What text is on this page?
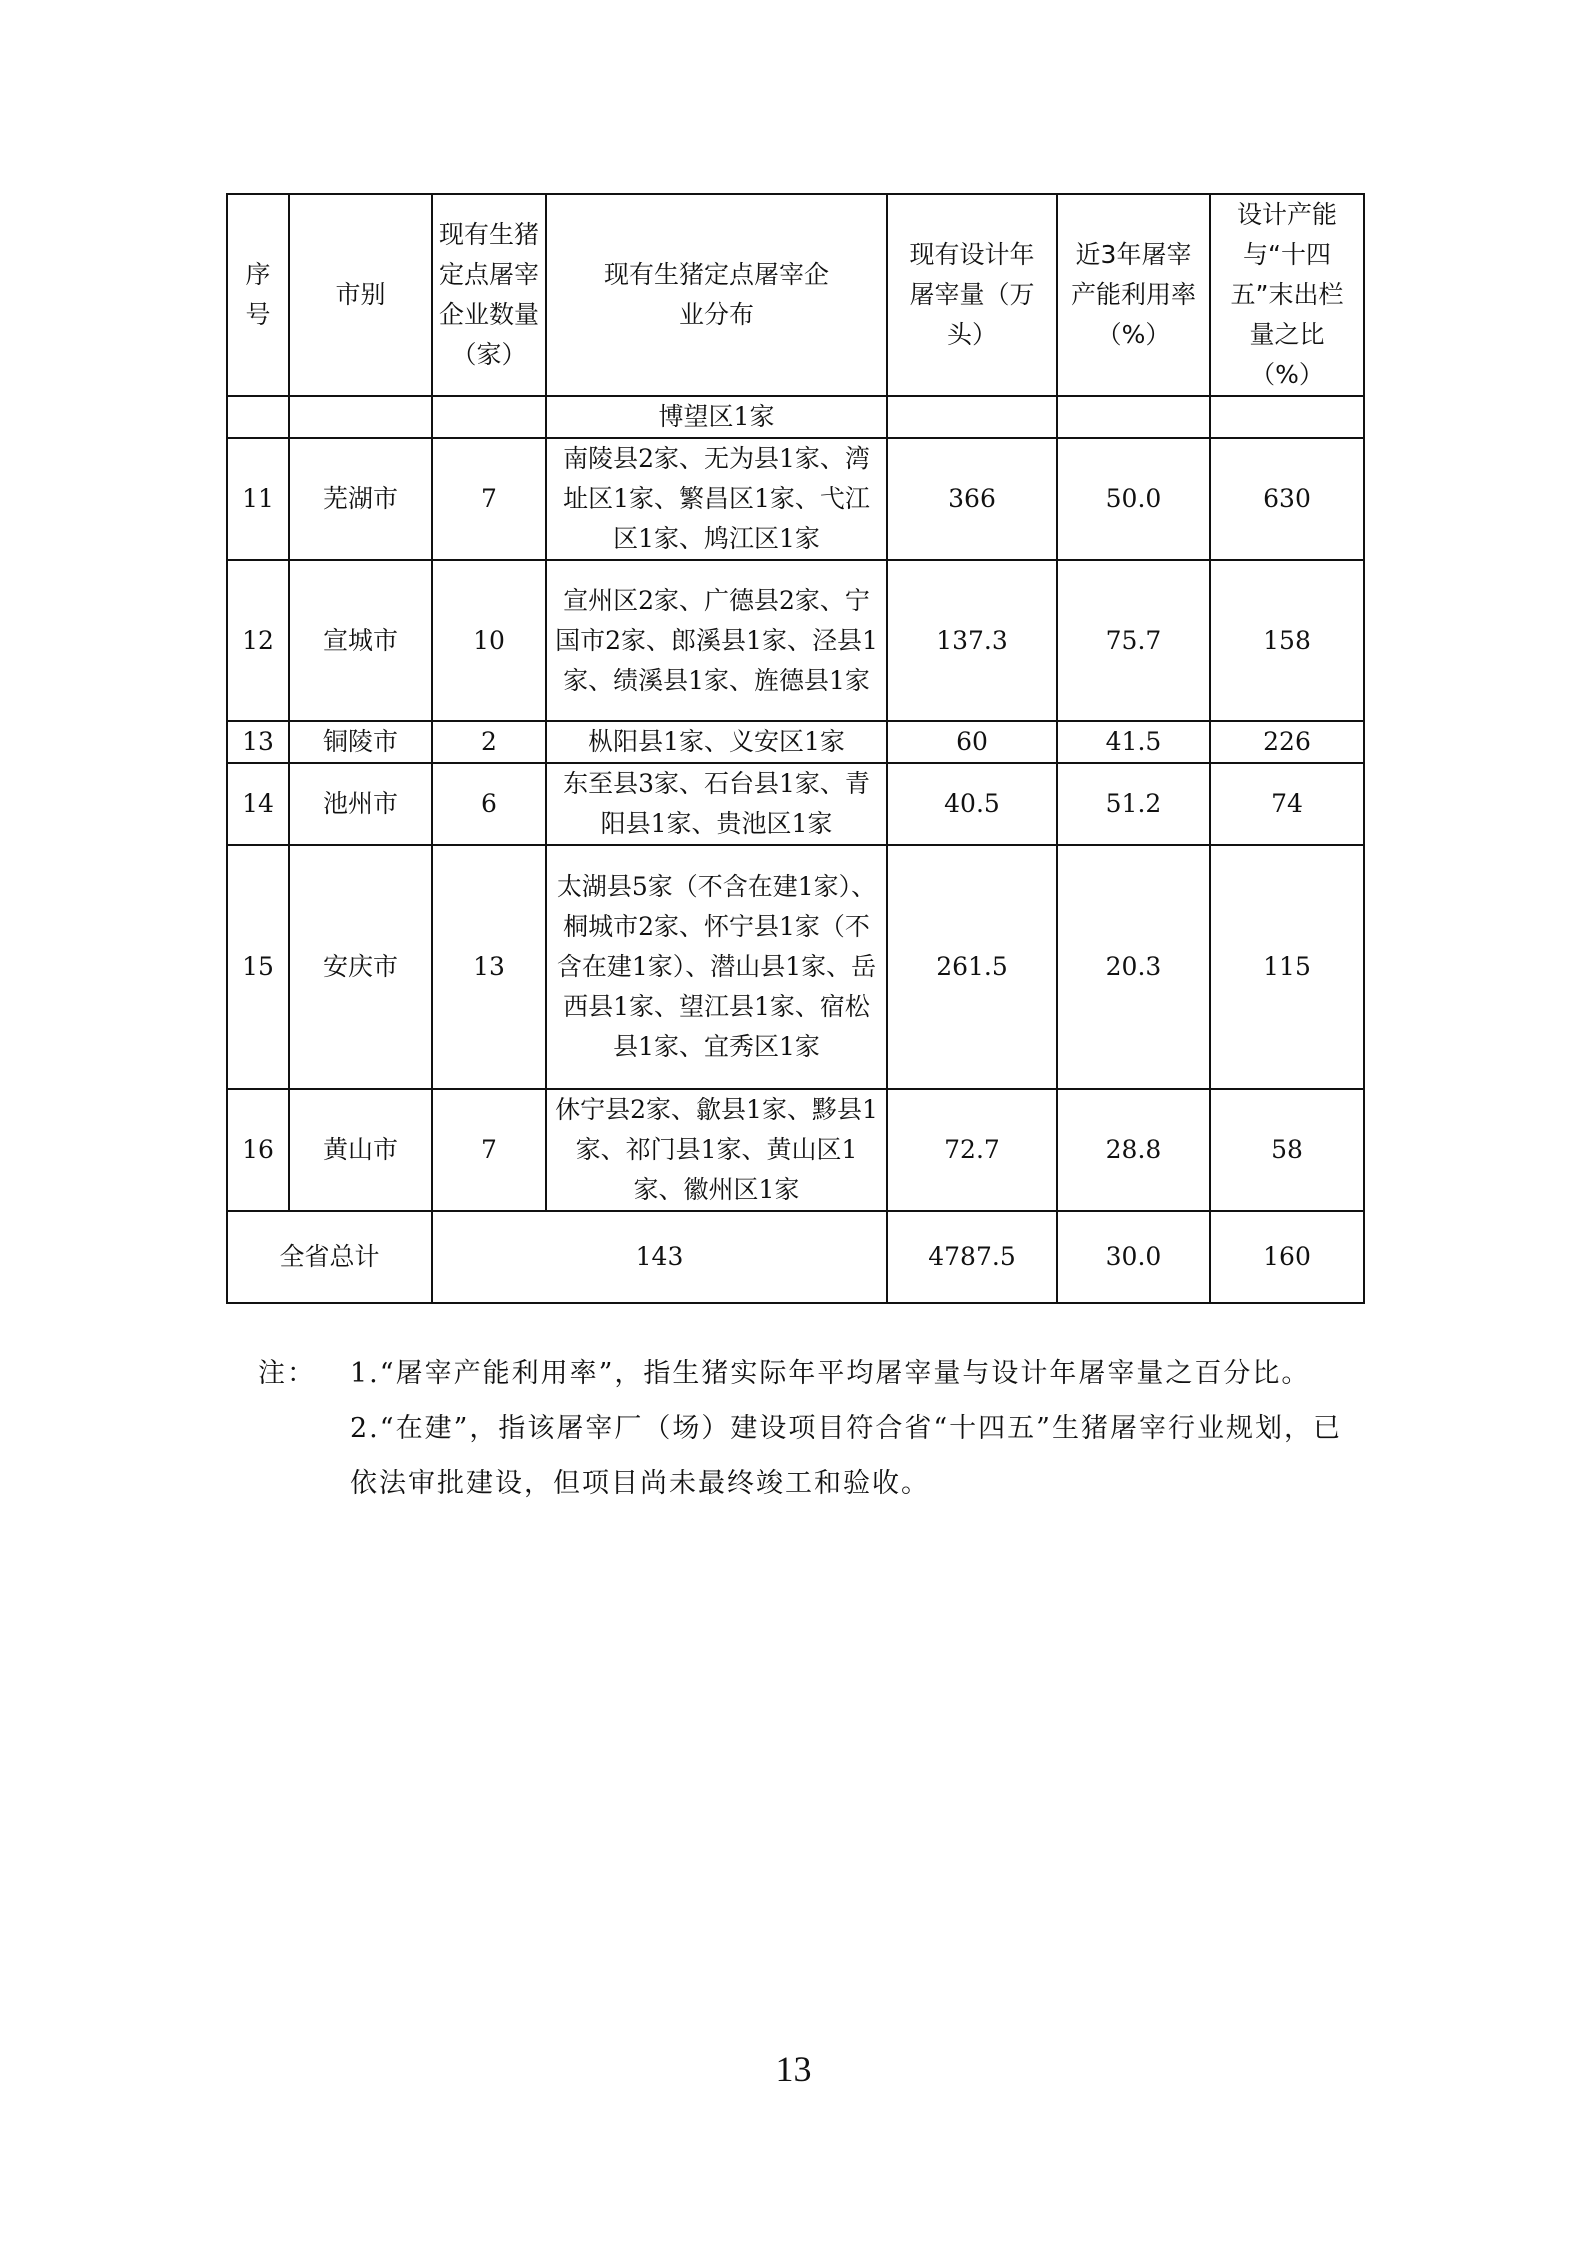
序号	市别	现有生猪定点屠宰企业数量（家）	现有生猪定点屠宰企业分布	现有设计年屠宰量（万头）	近3年屠宰产能利用率（%）	设计产能与“十四五”末出栏量之比（%）
			博望区1家			
11	芜湖市	7	南陵县2家、无为县1家、湾址区1家、繁昌区1家、弋江区1家、鸠江区1家	366	50.0	630
12	宣城市	10	宣州区2家、广德县2家、宁国市2家、郎溪县1家、泾县1家、绩溪县1家、旌德县1家	137.3	75.7	158
13	铜陵市	2	枞阳县1家、义安区1家	60	41.5	226
14	池州市	6	东至县3家、石台县1家、青阳县1家、贵池区1家	40.5	51.2	74
15	安庆市	13	太湖县5家（不含在建1家）、桐城市2家、怀宁县1家（不含在建1家）、潜山县1家、岳西县1家、望江县1家、宿松县1家、宜秀区1家	261.5	20.3	115
16	黄山市	7	休宁县2家、歙县1家、黟县1家、祁门县1家、黄山区1家、徽州区1家	72.7	28.8	58
全省总计		143		4787.5	30.0	160
注：	1.“屠宰产能利用率”，指生猪实际年平均屠宰量与设计年屠宰量之百分比。
2.“在建”，指该屠宰厂（场）建设项目符合省“十四五”生猪屠宰行业规划，已依法审批建设，但项目尚未最终竣工和验收。
13
